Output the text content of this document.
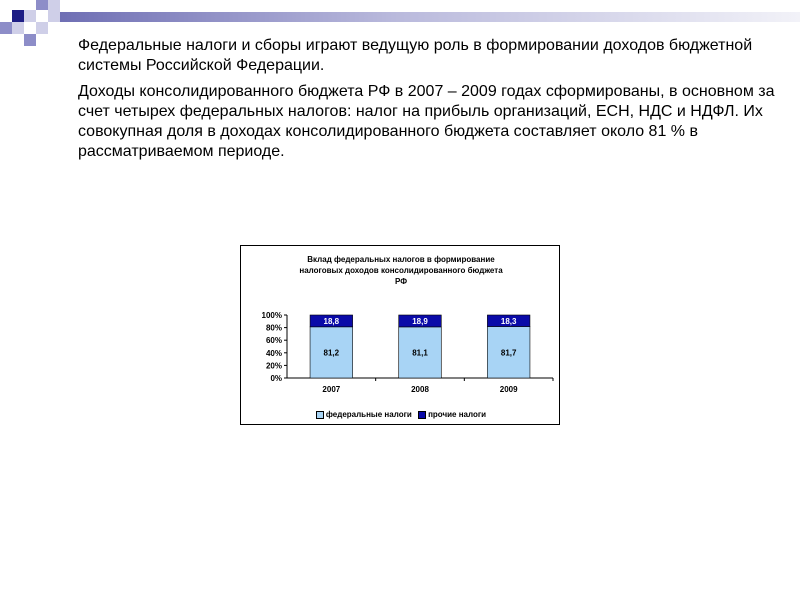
Федеральные налоги и сборы играют ведущую роль в формировании доходов бюджетной системы Российской Федерации.

Доходы консолидированного бюджета РФ в 2007 – 2009 годах сформированы, в основном за счет четырех федеральных налогов: налог на прибыль организаций, ЕСН, НДС и НДФЛ. Их совокупная доля в доходах консолидированного бюджета составляет около 81 % в рассматриваемом периоде.

Вклад федеральных налогов в формирование
налоговых доходов консолидированного бюджета
РФ
0%
20%
40%
60%
80%
100%
81,2
18,8
2007
81,1
18,9
2008
81,7
18,3
2009
федеральные налоги прочие налоги
